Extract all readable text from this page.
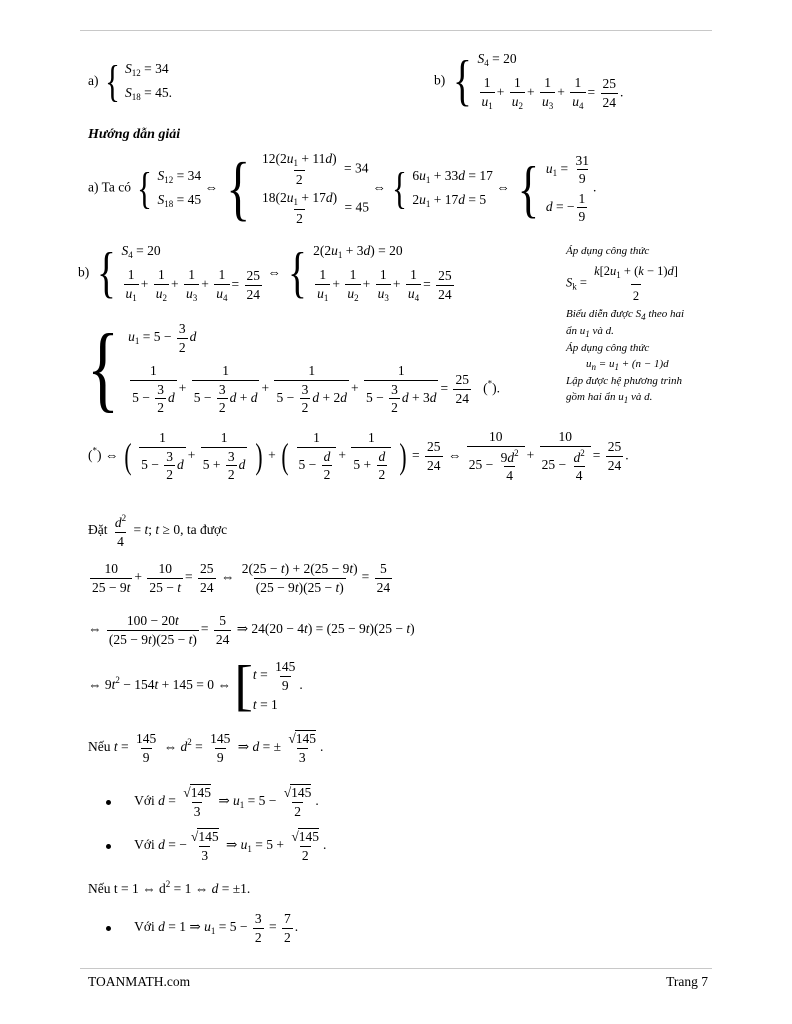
a) { $S_{12} = 34$
$S_{18} = 45$.
b) { $S_4 = 20$
$\frac{1}{u_1} + \frac{1}{u_2} + \frac{1}{u_3} + \frac{1}{u_4} = \frac{25}{24}$ .
Hướng dẫn giải
a) Ta có { $S_{12} = 34$
$S_{18} = 45$
⇔ { $\frac{12(2u_1 + 11d)}{2} = 34$
$\frac{18(2u_1 + 17d)}{2} = 45$
⇔ { $6u_1 + 33d = 17$
$2u_1 + 17d = 5$
⇔ { $u_1 = \frac{31}{9}$
d = − $\frac{1}{9}$
.
b) { $S_4 = 20$
$\frac{1}{u_1} + \frac{1}{u_2} + \frac{1}{u_3} + \frac{1}{u_4} = \frac{25}{24}$ ⇔ { $2(2u_1 + 3d) = 20$
$\frac{1}{u_1} + \frac{1}{u_2} + \frac{1}{u_3} + \frac{1}{u_4} = \frac{25}{24}$
Áp dụng công thức
$S_k = \frac{k[2u_1 + (k - 1)d]}{2}$
Biểu diễn được $S_4$ theo hai
ẩn $u_1$ và d.
Áp dụng công thức
$u_n = u_1 + (n - 1)d$
Lập được hệ phương trình
gồm hai ẩn $u_1$ và d.
{ $u_1 = 5 - \frac{3}{2}$ d
$\frac{1}{5 - \frac{3}{2} d} + \frac{1}{5 - \frac{3}{2} d + d} + \frac{1}{5 - \frac{3}{2} d + 2d} + \frac{1}{5 - \frac{3}{2} d + 3d} = \frac{25}{24} (^*)$.
(*) ⇔ ( $\frac{1}{5 - \frac{3}{2} d} + \frac{1}{5 + \frac{3}{2} d}$ ) + ( $\frac{1}{5 - \frac{d}{2}} + \frac{1}{5 + \frac{d}{2}}$ ) = $\frac{25}{24}$ ⇔ $\frac{10}{25 - \frac{9d^2}{4}} + \frac{10}{25 - \frac{d^2}{4}} = \frac{25}{24}$ .
Đặt $\frac{d^2}{4} = t$; t ≥ 0, ta được
$\frac{10}{25 - 9t} + \frac{10}{25 - t} = \frac{25}{24}$ ⇔ $\frac{2(25 - t) + 2(25 - 9t)}{(25 - 9t)(25 - t)} = \frac{5}{24}$
⇔ $\frac{100 - 20t}{(25 - 9t)(25 - t)} = \frac{5}{24}$ ⇒ 24(20 − 4t) = (25 − 9t)(25 − t)
⇔ $9t^2 - 154t + 145 = 0$ ⇔ [ $t = \frac{145}{9}$
t = 1
.
Nếu $t = \frac{145}{9}$ ⇔ $d^2 = \frac{145}{9}$ ⇒ d = ± $\frac{√145}{3}$ .
Với $d = \frac{√145}{3}$ ⇒ $u_1 = 5 - \frac{√145}{2}$ .
Với d = − $\frac{√145}{3}$ ⇒ $u_1 = 5 + \frac{√145}{2}$ .
Nếu t = 1 ⇔ $d^2 = 1$ ⇔ d = ±1.
Với d = 1 ⇒ $u_1 = 5 - \frac{3}{2} = \frac{7}{2}$ .
TOANMATH.com	Trang 7
